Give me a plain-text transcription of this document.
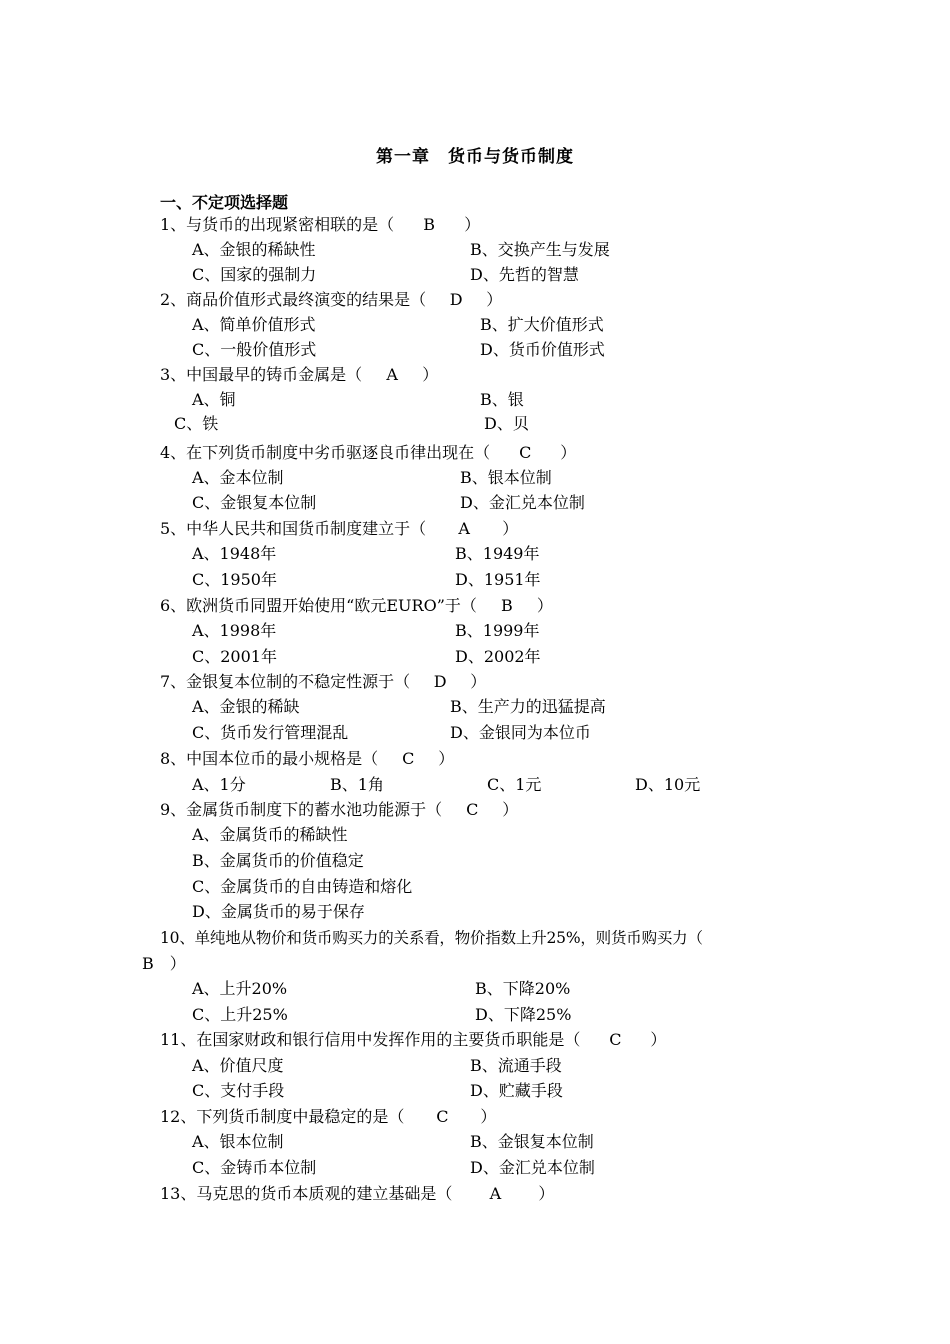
第一章　货币与货币制度
一、不定项选择题
1、与货币的出现紧密相联的是（ B ）
A、金银的稀缺性	B、交换产生与发展
C、国家的强制力	D、先哲的智慧
2、商品价值形式最终演变的结果是（ D ）
A、简单价值形式	B、扩大价值形式
C、一般价值形式	D、货币价值形式
3、中国最早的铸币金属是（ A ）
A、铜	B、银
C、铁	D、贝
4、在下列货币制度中劣币驱逐良币律出现在（ C ）
A、金本位制	B、银本位制
C、金银复本位制	D、金汇兑本位制
5、中华人民共和国货币制度建立于（ A ）
A、1948年	B、1949年
C、1950年	D、1951年
6、欧洲货币同盟开始使用“欧元EURO”于（ B ）
A、1998年	B、1999年
C、2001年	D、2002年
7、金银复本位制的不稳定性源于（ D ）
A、金银的稀缺	B、生产力的迅猛提高
C、货币发行管理混乱	D、金银同为本位币
8、中国本位币的最小规格是（ C ）
A、1分	B、1角	C、1元	D、10元
9、金属货币制度下的蓄水池功能源于（ C ）
A、金属货币的稀缺性
B、金属货币的价值稳定
C、金属货币的自由铸造和熔化
D、金属货币的易于保存
10、单纯地从物价和货币购买力的关系看，物价指数上升25%，则货币购买力（
B　）
A、上升20%	B、下降20%
C、上升25%	D、下降25%
11、在国家财政和银行信用中发挥作用的主要货币职能是（ C ）
A、价值尺度	B、流通手段
C、支付手段	D、贮藏手段
12、下列货币制度中最稳定的是（ C ）
A、银本位制	B、金银复本位制
C、金铸币本位制	D、金汇兑本位制
13、马克思的货币本质观的建立基础是（ A ）
